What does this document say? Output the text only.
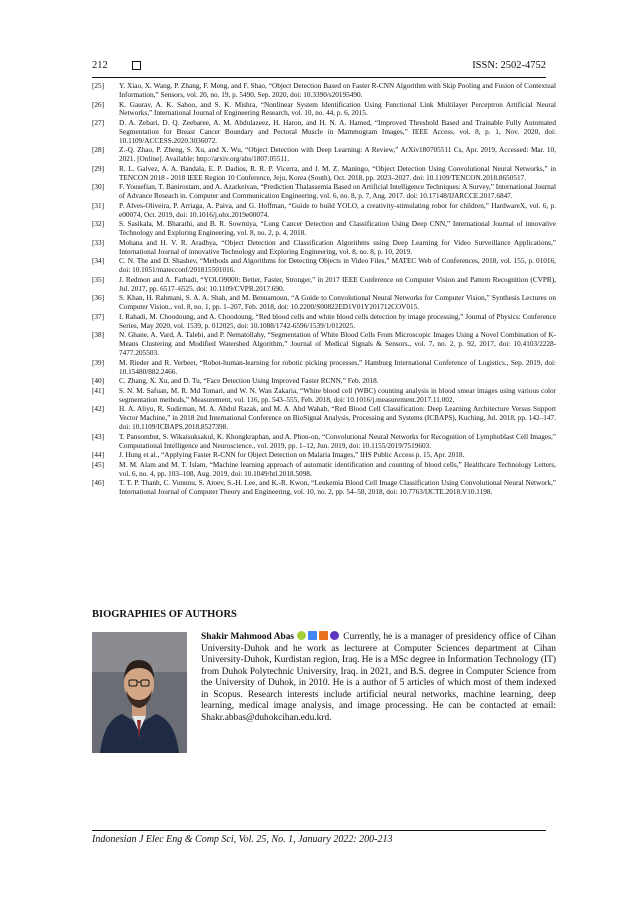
212	ISSN: 2502-4752
[25]	Y. Xiao, X. Wang, P. Zhang, F. Meng, and F. Shao, “Object Detection Based on Faster R-CNN Algorithm with Skip Pooling and Fusion of Contextual Information,” Sensors, vol. 20, no. 19, p. 5490, Sep. 2020, doi: 10.3390/s20195490.
[26]	K. Gaurav, A. K. Sahoo, and S. K. Mishra, “Nonlinear System Identification Using Functional Link Multilayer Perceptron Artificial Neural Networks,” International Journal of Engineering Research, vol. 10, no. 44, p. 6, 2015.
[27]	D. A. Zebari, D. Q. Zeebaree, A. M. Abdulazeez, H. Haron, and H. N. A. Hamed, “Improved Threshold Based and Trainable Fully Automated Segmentation for Breast Cancer Boundary and Pectoral Muscle in Mammogram Images,” IEEE Access, vol. 8, p. 1, Nov. 2020, doi: 10.1109/ACCESS.2020.3036072.
[28]	Z.-Q. Zhao, P. Zheng, S. Xu, and X. Wu, “Object Detection with Deep Learning: A Review,” ArXiv180705511 Cs, Apr. 2019, Accessed: Mar. 10, 2021. [Online]. Available: http://arxiv.org/abs/1807.05511.
[29]	R. L. Galvez, A. A. Bandala, E. P. Dadios, R. R. P. Vicerra, and J. M. Z. Maningo, “Object Detection Using Convolutional Neural Networks,” in TENCON 2018 - 2018 IEEE Region 10 Conference, Jeju, Korea (South), Oct. 2018, pp. 2023–2027. doi: 10.1109/TENCON.2018.8650517.
[30]	F. Yousefian, T. Banirostam, and A. Azarkeivan, “Prediction Thalassemia Based on Artificial Intelligence Techniques: A Survey,” International Journal of Advance Reseach in. Computer and Communication Engineering, vol. 6, no. 8, p. 7, Aug. 2017. doi: 10.17148/IJARCCE.2017.6847.
[31]	P. Alves-Oliveira, P. Arriaga, A. Paiva, and G. Hoffman, “Guide to build YOLO, a creativity-stimulating robot for children,” HardwareX, vol. 6, p. e00074, Oct. 2019, doi: 10.1016/j.ohx.2019e00074.
[32]	S. Sasikala, M. Bharathi, and B. R. Sowmiya, “Lung Cancer Detection and Classification Using Deep CNN,” International Journal of innovative Technology and Exploring Engineering, vol. 8, no. 2, p. 4, 2018.
[33]	Mohana and H. V. R. Aradhya, “Object Detection and Classification Algorithms using Deep Learning for Video Surveillance Applications,” International Journal of innovative Technology and Exploring Engineering, vol. 8, no. 8, p. 10, 2019.
[34]	C. N. The and D. Shashev, “Methods and Algorithms for Detecting Objects in Video Files,” MATEC Web of Conferences, 2018, vol. 155, p. 01016, doi: 10.1051/matecconf/201815501016.
[35]	J. Redmon and A. Farhadi, “YOLO9000: Better, Faster, Stronger,” in 2017 IEEE Conference on Computer Vision and Pattern Recognition (CVPR), Jul. 2017, pp. 6517–6525. doi: 10.1109/CVPR.2017.690.
[36]	S. Khan, H. Rahmani, S. A. A. Shah, and M. Bennamoun, “A Guide to Convolutional Neural Networks for Computer Vision,” Synthesis Lectures on Computer Vision., vol. 8, no. 1, pp. 1–207, Feb. 2018, doi: 10.2200/S00822ED1V01Y201712COV015.
[37]	I. Rahadi, M. Choodoung, and A. Choodoung, “Red blood cells and white blood cells detection by image processing,” Journal of Physics: Conference Series, May 2020, vol. 1539, p. 012025, doi: 10.1088/1742-6596/1539/1/012025.
[38]	N. Ghane, A. Vard, A. Talebi, and P. Nematollahy, “Segmentation of White Blood Cells From Microscopic Images Using a Novel Combination of K-Means Clustering and Modified Watershed Algorithm,” Journal of Medical Signals & Sensors., vol. 7, no. 2, p. 92, 2017, doi: 10.4103/2228-7477.205503.
[39]	M. Rieder and R. Verbeet, “Robot-human-learning for robotic picking processes,” Hamburg International Conference of Logistics., Sep. 2019, doi: 10.15480/882.2466.
[40]	C. Zhang, X. Xu, and D. Tu, “Face Detection Using Improved Faster RCNN,” Feb. 2018.
[41]	S. N. M. Safuan, M. R. Md Tomari, and W. N. Wan Zakaria, “White blood cell (WBC) counting analysis in blood smear images using various color segmentation methods,” Measurement, vol. 116, pp. 543–555, Feb. 2018, doi: 10.1016/j.measurement.2017.11.002.
[42]	H. A. Aliyu, R. Sudirman, M. A. Abdul Razak, and M. A. Abd Wahab, “Red Blood Cell Classification: Deep Learning Architecture Versus Support Vector Machine,” in 2018 2nd International Conference on BioSignal Analysis, Processing and Systems (ICBAPS), Kuching, Jul. 2018, pp. 142–147. doi: 10.1109/ICBAPS.2018.8527398.
[43]	T. Pansombut, S. Wikaisuksakul, K. Khongkraphan, and A. Phon-on, “Convolutional Neural Networks for Recognition of Lymphoblast Cell Images,” Computational Intelligence and Neuroscience., vol. 2019, pp. 1–12, Jun. 2019, doi: 10.1155/2019/7519603.
[44]	J. Hung et al., “Applying Faster R-CNN for Object Detection on Malaria Images,” IHS Public Access p. 15, Apr. 2018.
[45]	M. M. Alam and M. T. Islam, “Machine learning approach of automatic identification and counting of blood cells,” Healthcare Technology Letters, vol. 6, no. 4, pp. 103–108, Aug. 2019, doi: 10.1049/htl.2018.5098.
[46]	T. T. P. Thanh, C. Vununu, S. Atoev, S.-H. Lee, and K.-R. Kwon, “Leukemia Blood Cell Image Classification Using Convolutional Neural Network,” International Journal of Computer Theory and Engineering, vol. 10, no. 2, pp. 54–58, 2018, doi: 10.7763/IJCTE.2018.V10.1198.
BIOGRAPHIES OF AUTHORS
Shakir Mahmood Abas	Currently, he is a manager of presidency office of Cihan University-Duhok and he work as lecturere at Computer Sciences department at Cihan University-Duhok, Kurdistan region, Iraq. He is a MSc degree in Information Technology (IT) from Duhok Polytechnic University, Iraq. in 2021, and B.S. degree in Computer Science from the University of Duhok, in 2010. He is a author of 5 articles of which most of them indexed in Scopus. Research interests include artificial neural networks, machine learning, deep learning, medical image analysis, and image processing. He can be contacted at email: Shakr.abbas@duhokcihan.edu.krd.
Indonesian J Elec Eng & Comp Sci, Vol. 25, No. 1, January 2022: 200-213
